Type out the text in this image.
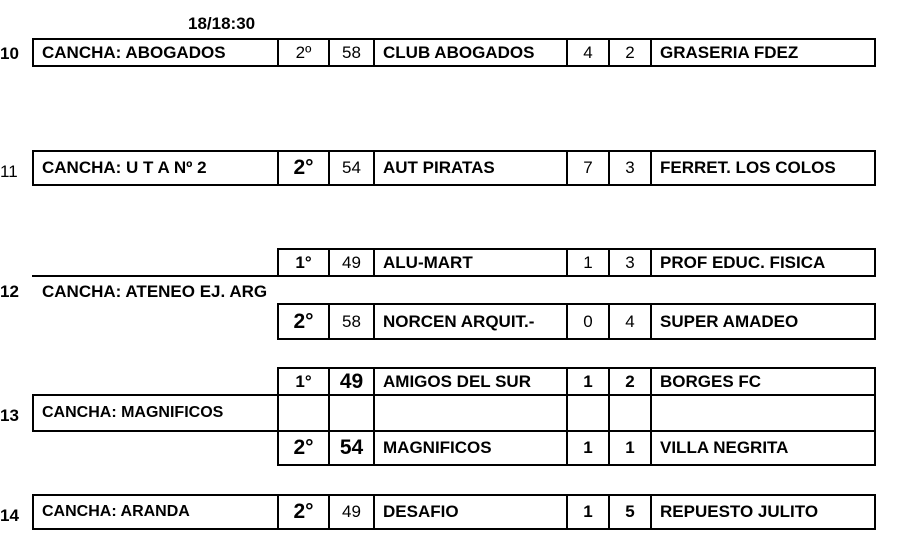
18/18:30
10	CANCHA: ABOGADOS	2º	58	CLUB ABOGADOS	4	2	GRASERIA FDEZ
11	CANCHA: U T A Nº 2	2°	54	AUT PIRATAS	7	3	FERRET. LOS COLOS
1°	49	ALU-MART	1	3	PROF EDUC. FISICA
12 CANCHA: ATENEO EJ. ARG
2°	58	NORCEN ARQUIT.-	0	4	SUPER AMADEO
1°	49	AMIGOS DEL SUR	1	2	BORGES FC
13	CANCHA: MAGNIFICOS
2°	54	MAGNIFICOS	1	1	VILLA NEGRITA
14	CANCHA: ARANDA	2°	49	DESAFIO	1	5	REPUESTO JULITO
